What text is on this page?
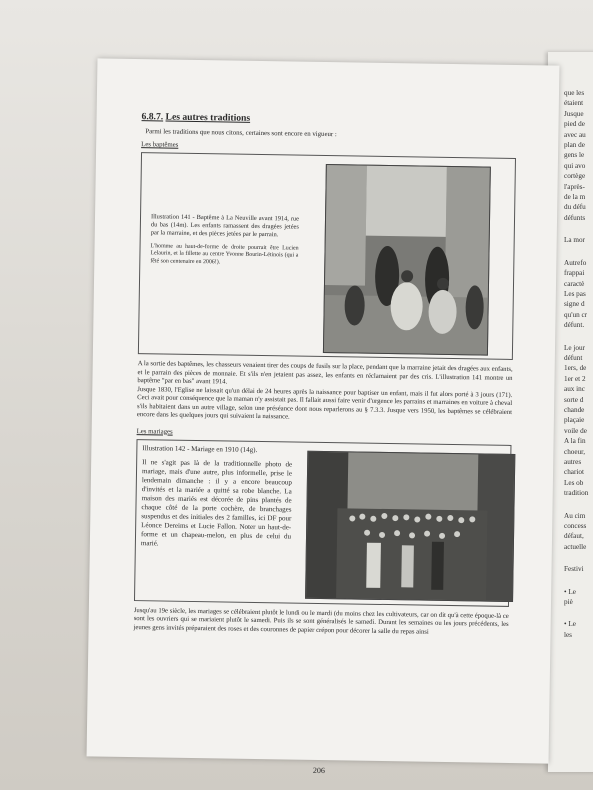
que les
étaient
Jusque
pied de
avec au
plan de
gens le
qui avo
cortège
l'après-
de la m
du défu
défunts
La mor
Autrefo
frappai
caractè
Les pas
signe d
qu'un cr
défunt.
Le jour
défunt
1ers, de
1er et 2
aux inc
sorte d
chande
plaçaie
voile de
A la fin
choeur,
autres
chariot
Les ob
tradition
Au cim
concess
défaut,
actuelle
Festivi
• Le
piè
• Le
les
6.8.7. Les autres traditions

Parmi les traditions que nous citons, certaines sont encore en vigueur :

Les baptêmes

Illustration 141 - Baptême à La Neuville avant 1914, rue du bas (14m). Les enfants ramassent des dragées jetées par la marraine, et des pièces jetées par le parrain.

L'homme au haut-de-forme de droite pourrait être Lucien Lelaurin, et la fillette au centre Yvonne Bourin-Létinois (qui a fêté son centenaire en 2006!).

A la sortie des baptêmes, les chasseurs venaient tirer des coups de fusils sur la place, pendant que la marraine jetait des dragées aux enfants, et le parrain des pièces de monnaie. Et s'ils n'en jetaient pas assez, les enfants en réclamaient par des cris. L'illustration 141 montre un baptême "par en bas" avant 1914.

Jusque 1830, l'Eglise ne laissait qu'un délai de 24 heures après la naissance pour baptiser un enfant, mais il fut alors porté à 3 jours (171). Ceci avait pour conséquence que la maman n'y assistait pas. Il fallait aussi faire venir d'urgence les parrains et marraines en voiture à cheval s'ils habitaient dans un autre village, selon une préséance dont nous reparlerons au § 7.3.3. Jusque vers 1950, les baptêmes se célébraient encore dans les quelques jours qui suivaient la naissance.

Les mariages

Illustration 142 - Mariage en 1910 (14g).

Il ne s'agit pas là de la traditionnelle photo de mariage, mais d'une autre, plus informelle, prise le lendemain dimanche : il y a encore beaucoup d'invités et la mariée a quitté sa robe blanche. La maison des mariés est décorée de pins plantés de chaque côté de la porte cochère, de branchages suspendus et des initiales des 2 familles, ici DF pour Léonce Dereims et Lucie Fallon. Noter un haut-de-forme et un chapeau-melon, en plus de celui du marié.

Jusqu'au 19e siècle, les mariages se célébraient plutôt le lundi ou le mardi (du moins chez les cultivateurs, car on dit qu'à cette époque-là ce sont les ouvriers qui se mariaient plutôt le samedi. Puis ils se sont généralisés le samedi. Durant les semaines ou les jours précédents, les jeunes gens invités préparaient des roses et des couronnes de papier crépon pour décorer la salle du repas ainsi

206
